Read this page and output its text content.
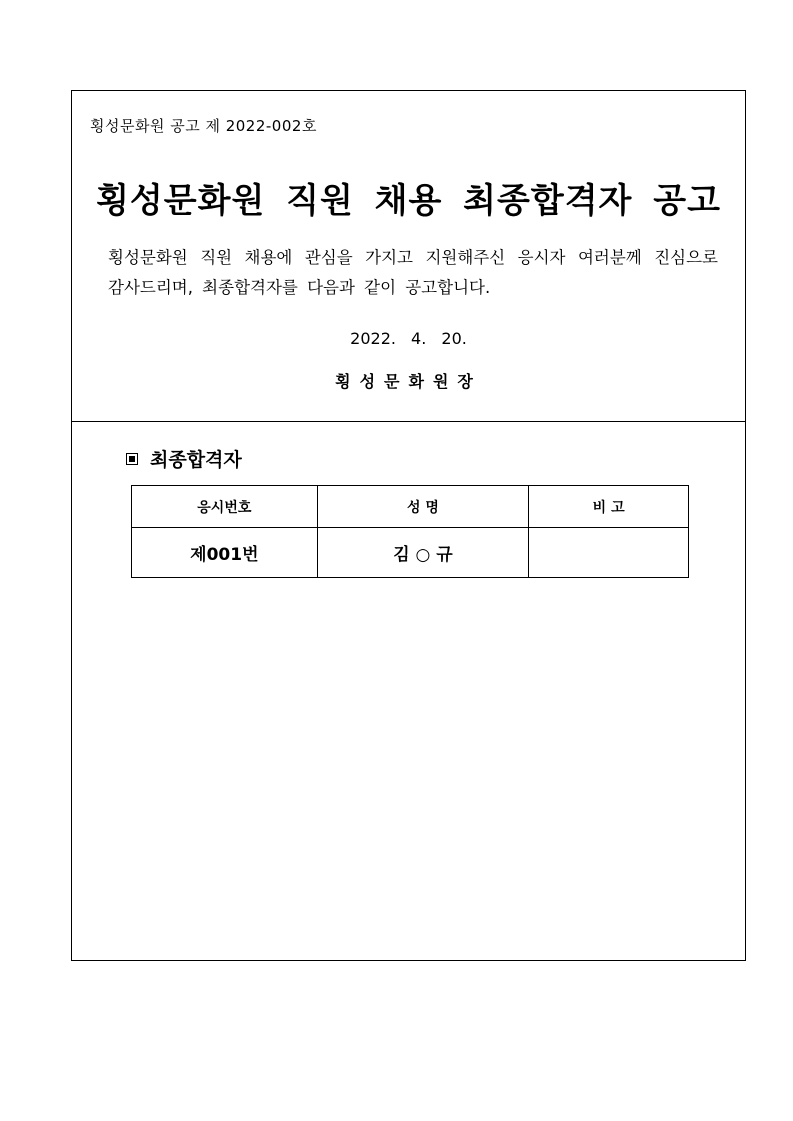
횡성문화원 공고 제 2022-002호
횡성문화원 직원 채용 최종합격자 공고
횡성문화원 직원 채용에 관심을 가지고 지원해주신 응시자 여러분께 진심으로
감사드리며, 최종합격자를 다음과 같이 공고합니다.
2022. 4. 20.
횡성문화원장
최종합격자
응시번호	성 명	비 고
제001번	김 ○ 규	
